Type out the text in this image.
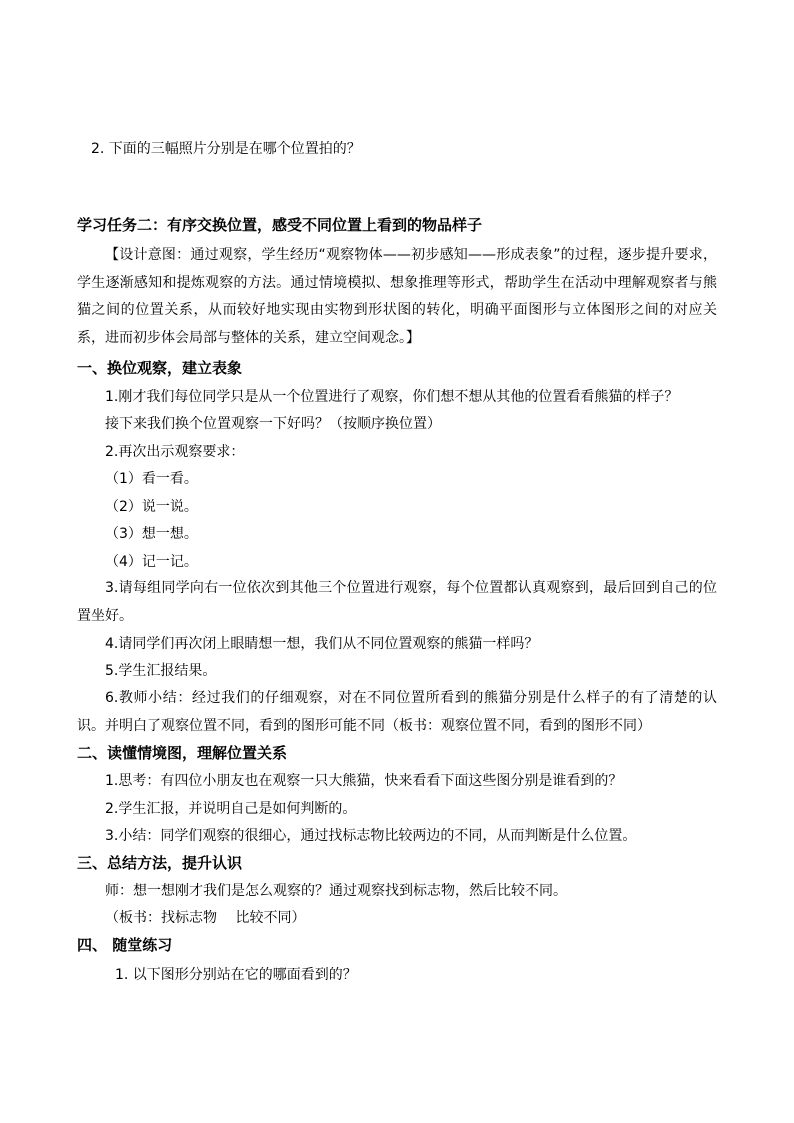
2. 下面的三幅照片分别是在哪个位置拍的？
学习任务二：有序交换位置，感受不同位置上看到的物品样子
【设计意图：通过观察，学生经历“观察物体——初步感知——形成表象”的过程，逐步提升要求，学生逐渐感知和提炼观察的方法。通过情境模拟、想象推理等形式，帮助学生在活动中理解观察者与熊猫之间的位置关系，从而较好地实现由实物到形状图的转化，明确平面图形与立体图形之间的对应关系，进而初步体会局部与整体的关系，建立空间观念。】
一、换位观察，建立表象
1.刚才我们每位同学只是从一个位置进行了观察，你们想不想从其他的位置看看熊猫的样子？
接下来我们换个位置观察一下好吗？（按顺序换位置）
2.再次出示观察要求：
（1）看一看。
（2）说一说。
（3）想一想。
（4）记一记。
3.请每组同学向右一位依次到其他三个位置进行观察，每个位置都认真观察到，最后回到自己的位置坐好。
4.请同学们再次闭上眼睛想一想，我们从不同位置观察的熊猫一样吗？
5.学生汇报结果。
6.教师小结：经过我们的仔细观察，对在不同位置所看到的熊猫分别是什么样子的有了清楚的认识。并明白了观察位置不同，看到的图形可能不同（板书：观察位置不同，看到的图形不同）
二、读懂情境图，理解位置关系
1.思考：有四位小朋友也在观察一只大熊猫，快来看看下面这些图分别是谁看到的？
2.学生汇报，并说明自己是如何判断的。
3.小结：同学们观察的很细心，通过找标志物比较两边的不同，从而判断是什么位置。
三、总结方法，提升认识
师：想一想刚才我们是怎么观察的？通过观察找到标志物，然后比较不同。
（板书：找标志物　 比较不同）
四、 随堂练习
1. 以下图形分别站在它的哪面看到的？
